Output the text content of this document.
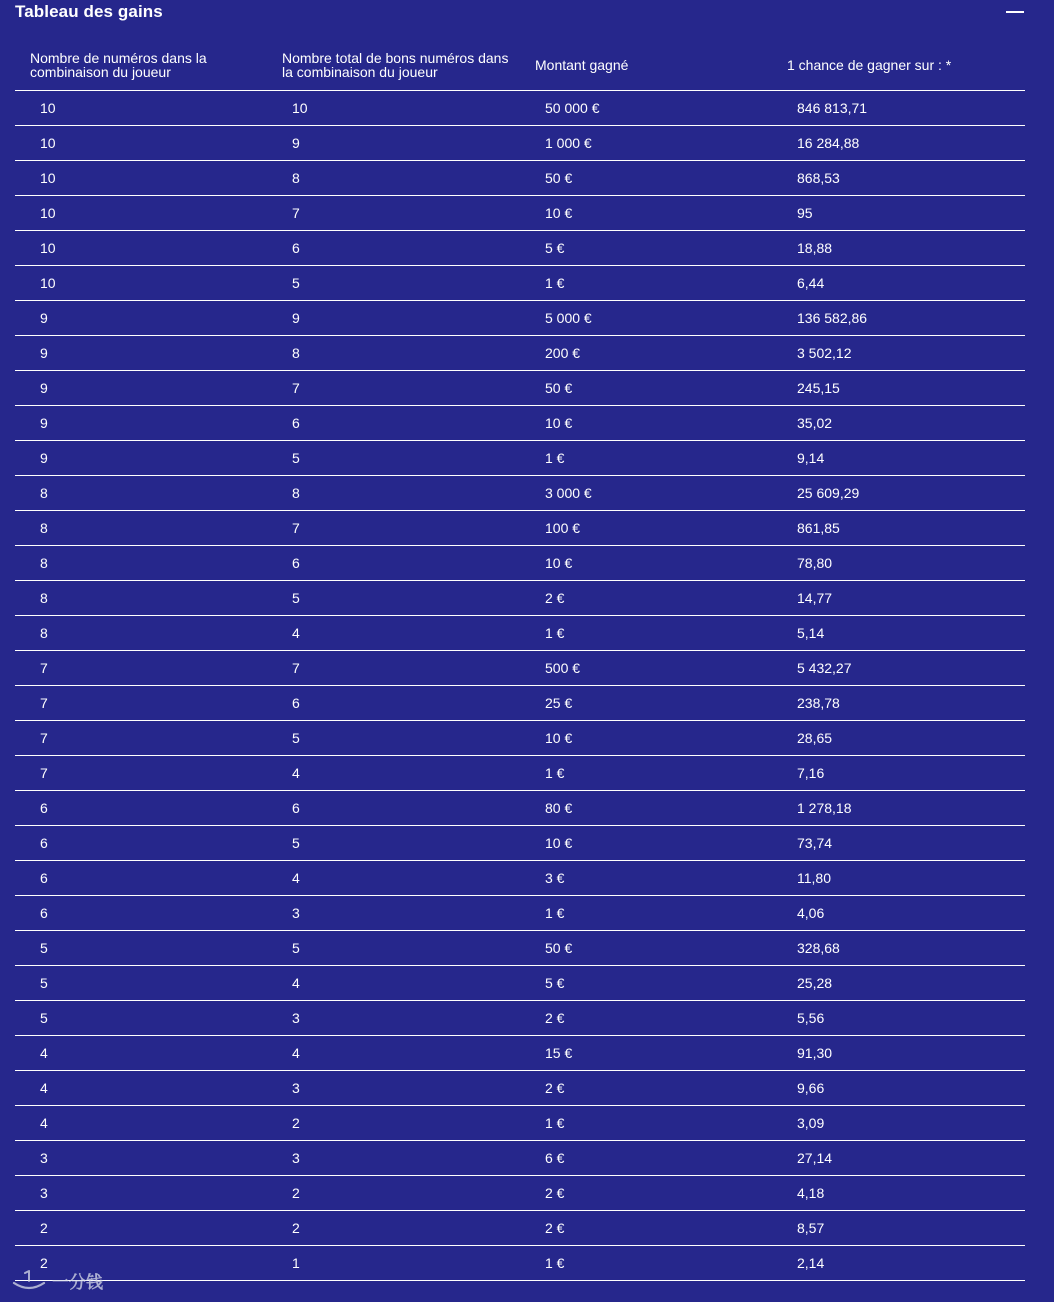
Tableau des gains
Nombre de numéros dans la combinaison du joueur	Nombre total de bons numéros dans la combinaison du joueur	Montant gagné	1 chance de gagner sur : *
10	10	50 000 €	846 813,71
10	9	1 000 €	16 284,88
10	8	50 €	868,53
10	7	10 €	95
10	6	5 €	18,88
10	5	1 €	6,44
9	9	5 000 €	136 582,86
9	8	200 €	3 502,12
9	7	50 €	245,15
9	6	10 €	35,02
9	5	1 €	9,14
8	8	3 000 €	25 609,29
8	7	100 €	861,85
8	6	10 €	78,80
8	5	2 €	14,77
8	4	1 €	5,14
7	7	500 €	5 432,27
7	6	25 €	238,78
7	5	10 €	28,65
7	4	1 €	7,16
6	6	80 €	1 278,18
6	5	10 €	73,74
6	4	3 €	11,80
6	3	1 €	4,06
5	5	50 €	328,68
5	4	5 €	25,28
5	3	2 €	5,56
4	4	15 €	91,30
4	3	2 €	9,66
4	2	1 €	3,09
3	3	6 €	27,14
3	2	2 €	4,18
2	2	2 €	8,57
2	1	1 €	2,14
一分钱
